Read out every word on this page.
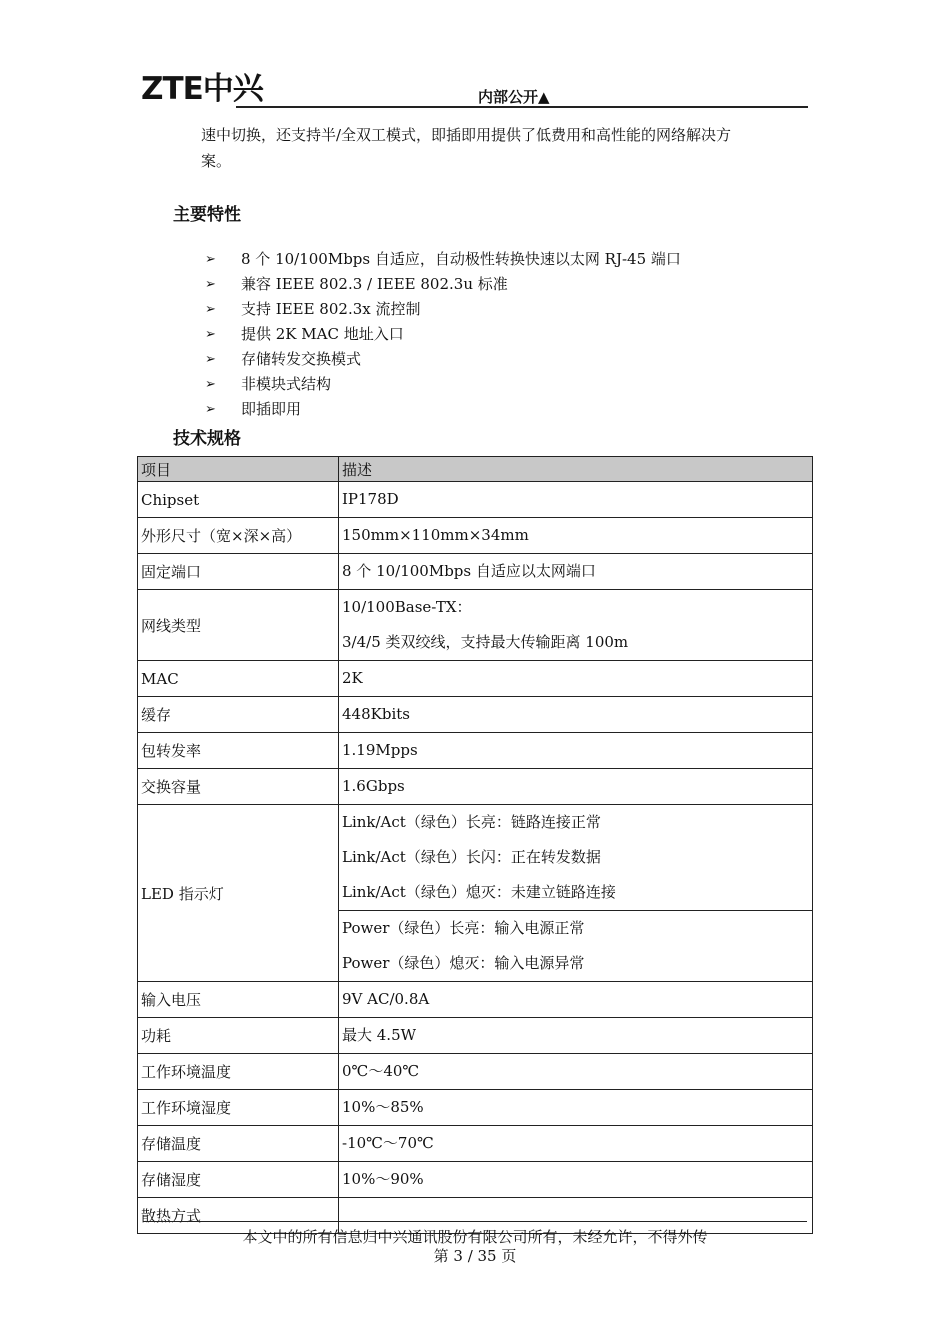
ZTE中兴	内部公开▲
速中切换，还支持半/全双工模式，即插即用提供了低费用和高性能的网络解决方案。
主要特性
➢	8 个 10/100Mbps 自适应，自动极性转换快速以太网 RJ-45 端口
➢	兼容 IEEE 802.3 / IEEE 802.3u 标准
➢	支持 IEEE 802.3x 流控制
➢	提供 2K MAC 地址入口
➢	存储转发交换模式
➢	非模块式结构
➢	即插即用
技术规格
项目	描述
Chipset	IP178D

外形尺寸（宽×深×高）	150mm×110mm×34mm

固定端口	8 个 10/100Mbps 自适应以太网端口

网线类型	10/100Base-TX：
3/4/5 类双绞线，支持最大传输距离 100m

MAC	2K

缓存	448Kbits

包转发率	1.19Mpps

交换容量	1.6Gbps

LED 指示灯	Link/Act（绿色）长亮：链路连接正常
Link/Act（绿色）长闪：正在转发数据
Link/Act（绿色）熄灭：未建立链路连接

	Power（绿色）长亮：输入电源正常
Power（绿色）熄灭：输入电源异常

输入电压	9V AC/0.8A

功耗	最大 4.5W

工作环境温度	0℃～40℃

工作环境湿度	10%～85%

存储温度	-10℃～70℃

存储湿度	10%～90%

散热方式	
本文中的所有信息归中兴通讯股份有限公司所有，未经允许，不得外传
第 3 / 35 页
